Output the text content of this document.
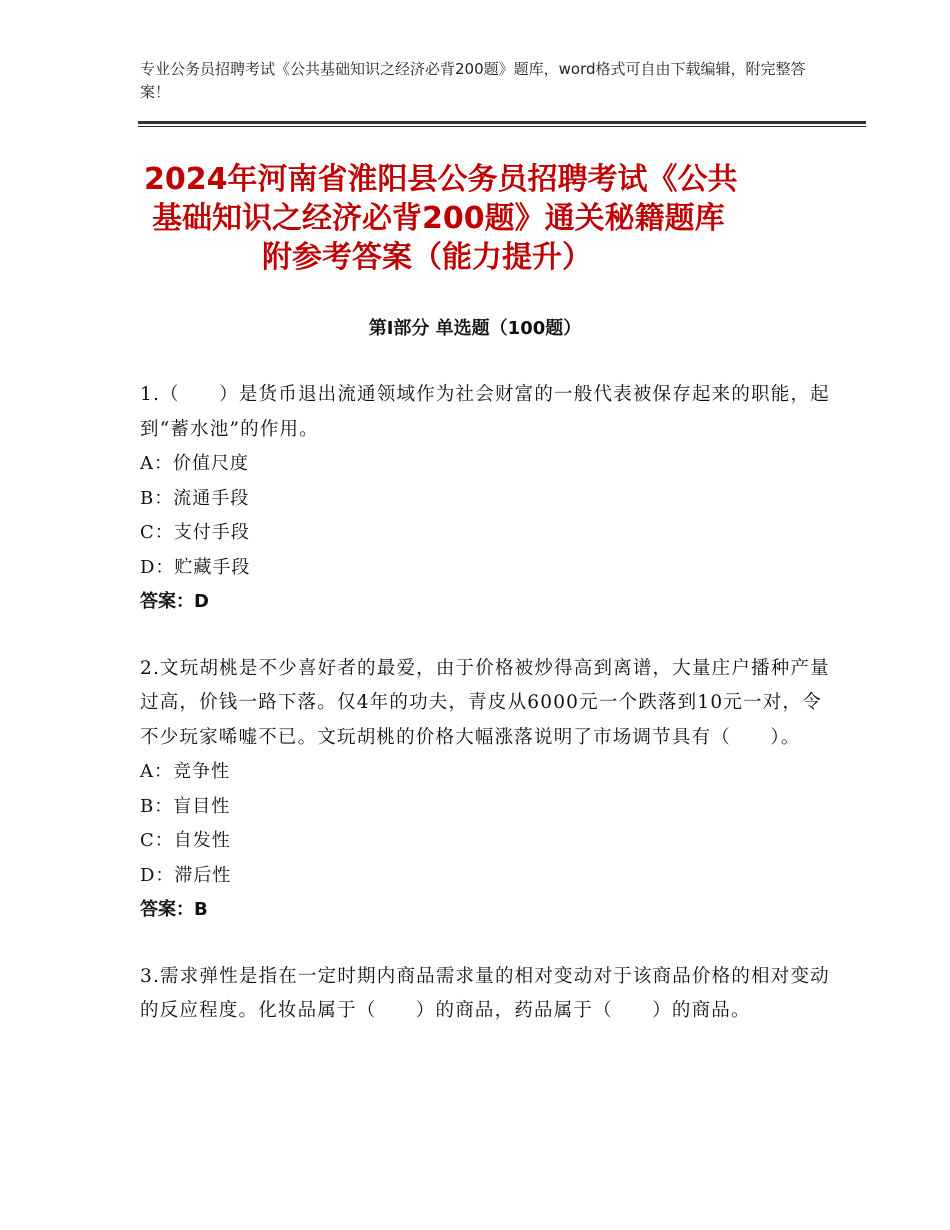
专业公务员招聘考试《公共基础知识之经济必背200题》题库，word格式可自由下载编辑，附完整答案！
2024年河南省淮阳县公务员招聘考试《公共
基础知识之经济必背200题》通关秘籍题库
附参考答案（能力提升）
第Ⅰ部分 单选题（100题）

1.（　　）是货币退出流通领域作为社会财富的一般代表被保存起来的职能，起到“蓄水池”的作用。

A：价值尺度
B：流通手段
C：支付手段
D：贮藏手段
答案：D

2.文玩胡桃是不少喜好者的最爱，由于价格被炒得高到离谱，大量庄户播种产量过高，价钱一路下落。仅4年的功夫，青皮从6000元一个跌落到10元一对，令不少玩家唏嘘不已。文玩胡桃的价格大幅涨落说明了市场调节具有（　　）。

A：竞争性
B：盲目性
C：自发性
D：滞后性
答案：B

3.需求弹性是指在一定时期内商品需求量的相对变动对于该商品价格的相对变动的反应程度。化妆品属于（　　）的商品，药品属于（　　）的商品。
